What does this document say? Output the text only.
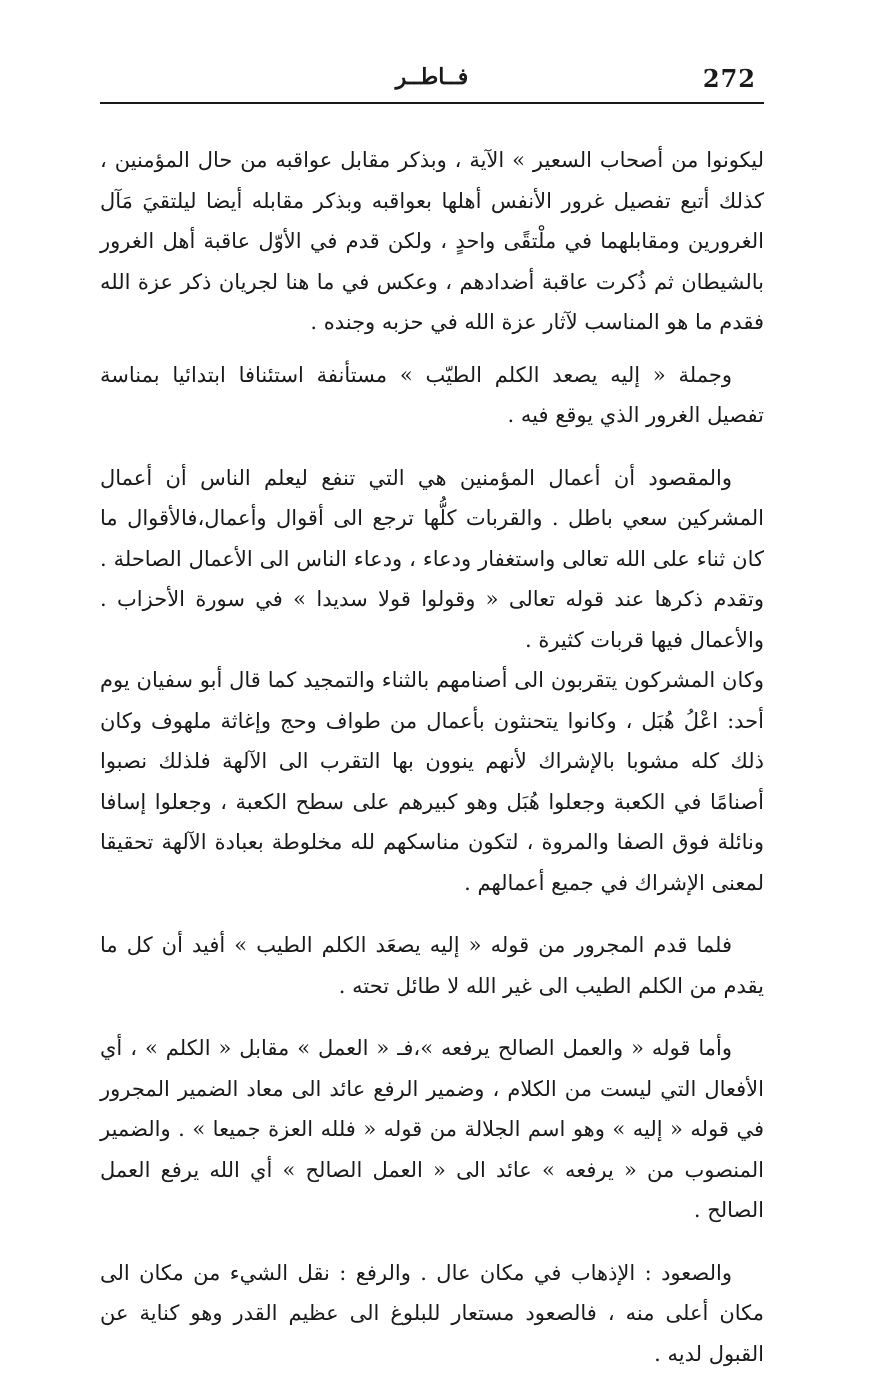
272
فــاطــر

ليكونوا من أصحاب السعير » الآية ، وبذكر مقابل عواقبه من حال المؤمنين ، كذلك أتبع تفصيل غرور الأنفس أهلها بعواقبه وبذكر مقابله أيضا ليلتقيَ مَآل الغرورين ومقابلهما في ملْتقًى واحدٍ ، ولكن قدم في الأوّل عاقبة أهل الغرور بالشيطان ثم ذُكرت عاقبة أضدادهم ، وعكس في ما هنا لجريان ذكر عزة الله فقدم ما هو المناسب لآثار عزة الله في حزبه وجنده .

وجملة « إليه يصعد الكلم الطيّب » مستأنفة استئنافا ابتدائيا بمناسة تفصيل الغرور الذي يوقع فيه .

والمقصود أن أعمال المؤمنين هي التي تنفع ليعلم الناس أن أعمال المشركين سعي باطل . والقربات كلُّها ترجع الى أقوال وأعمال،فالأقوال ما كان ثناء على الله تعالى واستغفار ودعاء ، ودعاء الناس الى الأعمال الصاحلة . وتقدم ذكرها عند قوله تعالى « وقولوا قولا سديدا » في سورة الأحزاب . والأعمال فيها قربات كثيرة .

وكان المشركون يتقربون الى أصنامهم بالثناء والتمجيد كما قال أبو سفيان يوم أحد: اعْلُ هُبَل ، وكانوا يتحنثون بأعمال من طواف وحج وإغاثة ملهوف وكان ذلك كله مشوبا بالإشراك لأنهم ينوون بها التقرب الى الآلهة فلذلك نصبوا أصنامًا في الكعبة وجعلوا هُبَل وهو كبيرهم على سطح الكعبة ، وجعلوا إسافا ونائلة فوق الصفا والمروة ، لتكون مناسكهم لله مخلوطة بعبادة الآلهة تحقيقا لمعنى الإشراك في جميع أعمالهم .

فلما قدم المجرور من قوله « إليه يصعَد الكلم الطيب » أفيد أن كل ما يقدم من الكلم الطيب الى غير الله لا طائل تحته .

وأما قوله « والعمل الصالح يرفعه »،فـ « العمل » مقابل « الكلم » ، أي الأفعال التي ليست من الكلام ، وضمير الرفع عائد الى معاد الضمير المجرور في قوله « إليه » وهو اسم الجلالة من قوله « فلله العزة جميعا » . والضمير المنصوب من « يرفعه » عائد الى « العمل الصالح » أي الله يرفع العمل الصالح .

والصعود : الإذهاب في مكان عال . والرفع : نقل الشيء من مكان الى مكان أعلى منه ، فالصعود مستعار للبلوغ الى عظيم القدر وهو كناية عن القبول لديه .
